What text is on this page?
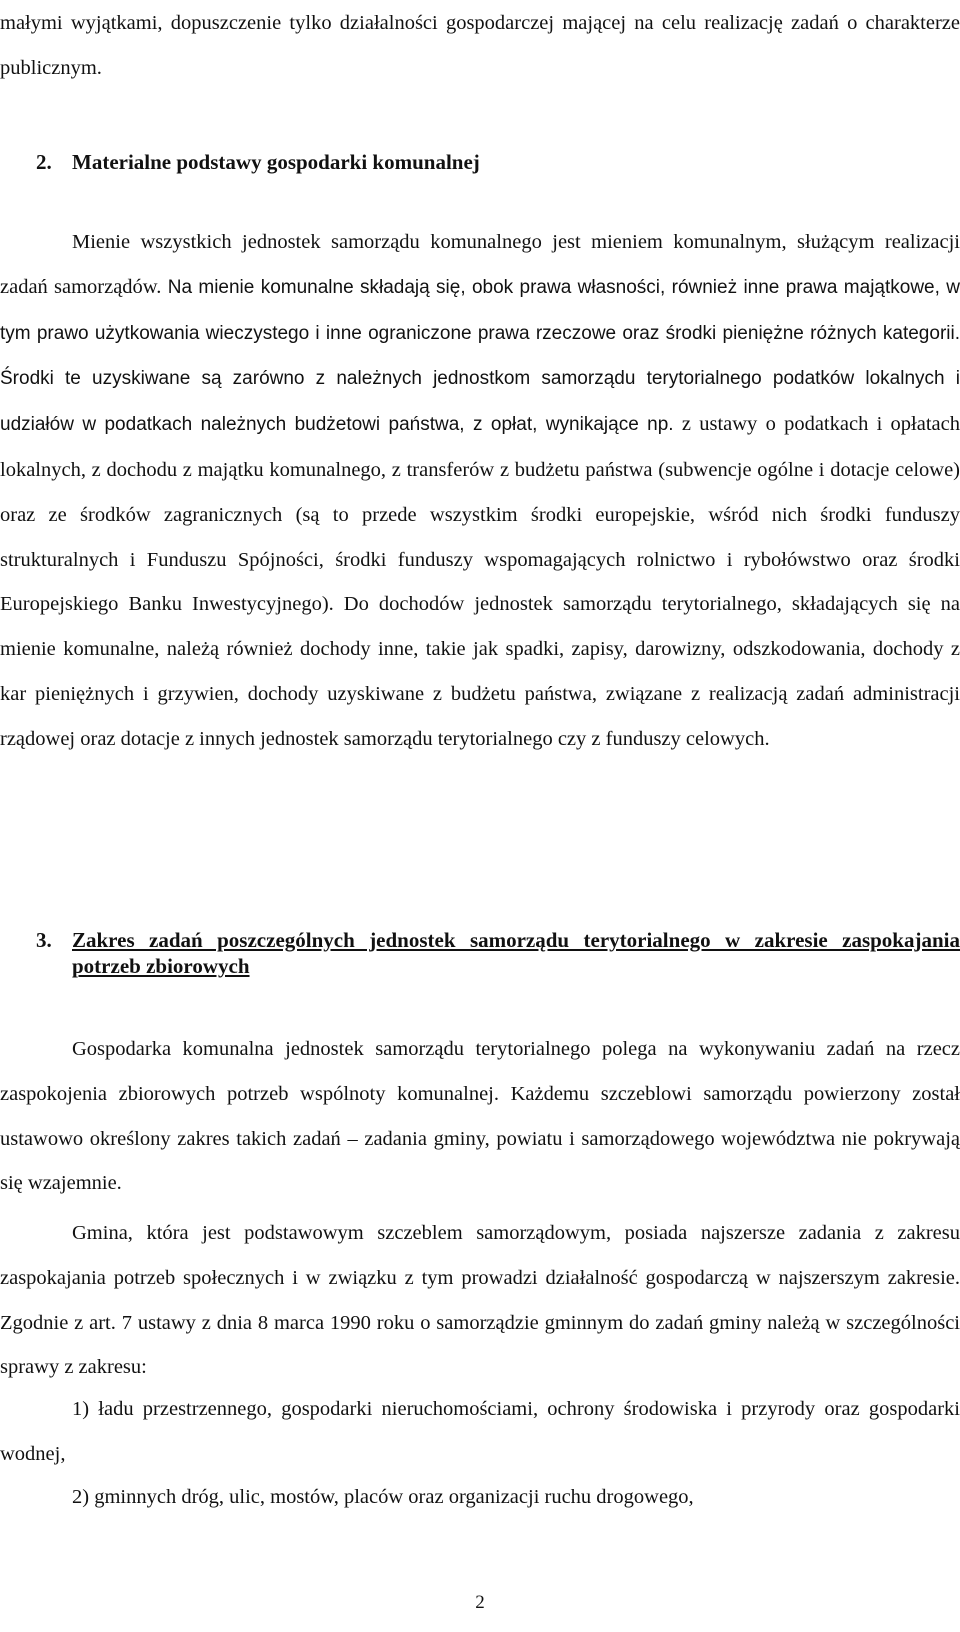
małymi wyjątkami, dopuszczenie tylko działalności gospodarczej mającej na celu realizację zadań o charakterze publicznym.

2. Materialne podstawy gospodarki komunalnej

Mienie wszystkich jednostek samorządu komunalnego jest mieniem komunalnym, służącym realizacji zadań samorządów. Na mienie komunalne składają się, obok prawa własności, również inne prawa majątkowe, w tym prawo użytkowania wieczystego i inne ograniczone prawa rzeczowe oraz środki pieniężne różnych kategorii. Środki te uzyskiwane są zarówno z należnych jednostkom samorządu terytorialnego podatków lokalnych i udziałów w podatkach należnych budżetowi państwa, z opłat, wynikające np. z ustawy o podatkach i opłatach lokalnych, z dochodu z majątku komunalnego, z transferów z budżetu państwa (subwencje ogólne i dotacje celowe) oraz ze środków zagranicznych (są to przede wszystkim środki europejskie, wśród nich środki funduszy strukturalnych i Funduszu Spójności, środki funduszy wspomagających rolnictwo i rybołówstwo oraz środki Europejskiego Banku Inwestycyjnego). Do dochodów jednostek samorządu terytorialnego, składających się na mienie komunalne, należą również dochody inne, takie jak spadki, zapisy, darowizny, odszkodowania, dochody z kar pieniężnych i grzywien, dochody uzyskiwane z budżetu państwa, związane z realizacją zadań administracji rządowej oraz dotacje z innych jednostek samorządu terytorialnego czy z funduszy celowych.

3. Zakres zadań poszczególnych jednostek samorządu terytorialnego w zakresie zaspokajania potrzeb zbiorowych

Gospodarka komunalna jednostek samorządu terytorialnego polega na wykonywaniu zadań na rzecz zaspokojenia zbiorowych potrzeb wspólnoty komunalnej. Każdemu szczeblowi samorządu powierzony został ustawowo określony zakres takich zadań – zadania gminy, powiatu i samorządowego województwa nie pokrywają się wzajemnie.

Gmina, która jest podstawowym szczeblem samorządowym, posiada najszersze zadania z zakresu zaspokajania potrzeb społecznych i w związku z tym prowadzi działalność gospodarczą w najszerszym zakresie. Zgodnie z art. 7 ustawy z dnia 8 marca 1990 roku o samorządzie gminnym do zadań gminy należą w szczególności sprawy z zakresu:

1) ładu przestrzennego, gospodarki nieruchomościami, ochrony środowiska i przyrody oraz gospodarki wodnej,

2) gminnych dróg, ulic, mostów, placów oraz organizacji ruchu drogowego,

2
